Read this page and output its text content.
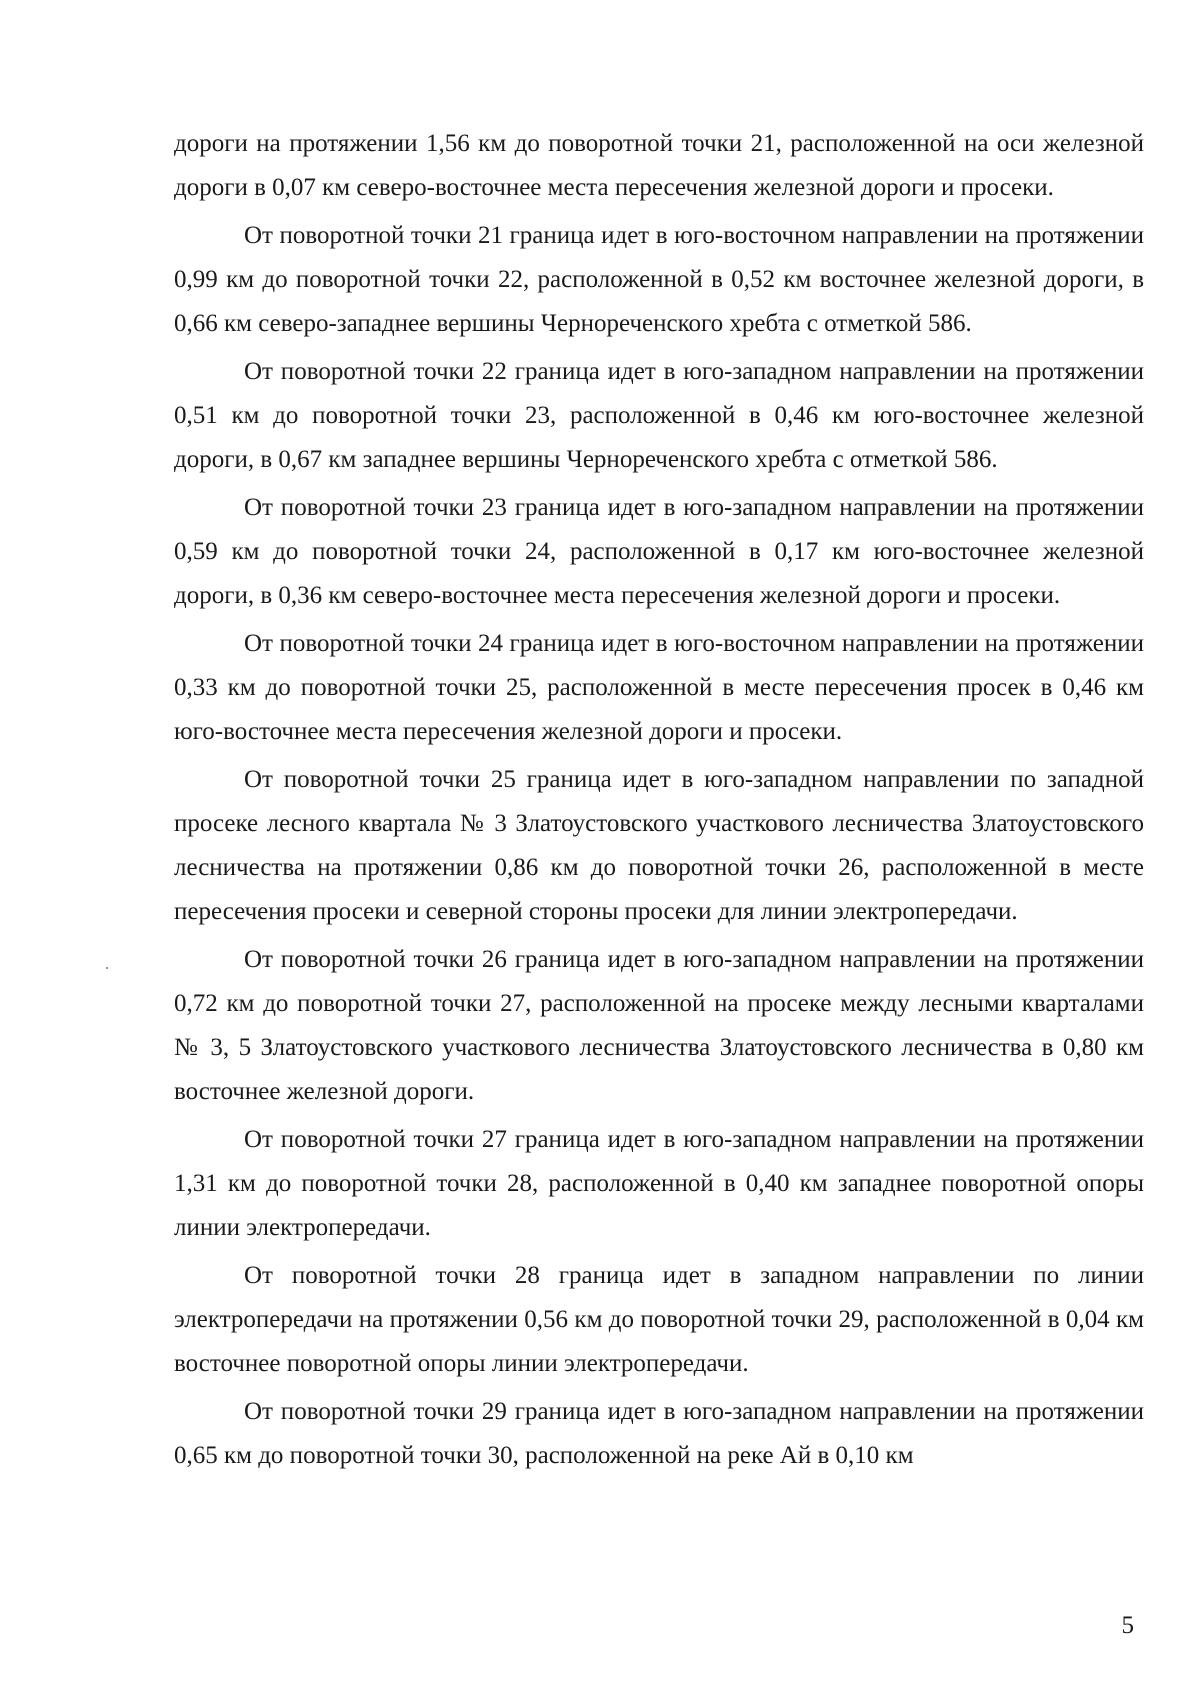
дороги на протяжении 1,56 км до поворотной точки 21, расположенной на оси железной дороги в 0,07 км северо-восточнее места пересечения железной дороги и просеки.

От поворотной точки 21 граница идет в юго-восточном направлении на протяжении 0,99 км до поворотной точки 22, расположенной в 0,52 км восточнее железной дороги, в 0,66 км северо-западнее вершины Чернореченского хребта с отметкой 586.

От поворотной точки 22 граница идет в юго-западном направлении на протяжении 0,51 км до поворотной точки 23, расположенной в 0,46 км юго-восточнее железной дороги, в 0,67 км западнее вершины Чернореченского хребта с отметкой 586.

От поворотной точки 23 граница идет в юго-западном направлении на протяжении 0,59 км до поворотной точки 24, расположенной в 0,17 км юго-восточнее железной дороги, в 0,36 км северо-восточнее места пересечения железной дороги и просеки.

От поворотной точки 24 граница идет в юго-восточном направлении на протяжении 0,33 км до поворотной точки 25, расположенной в месте пересечения просек в 0,46 км юго-восточнее места пересечения железной дороги и просеки.

От поворотной точки 25 граница идет в юго-западном направлении по западной просеке лесного квартала № 3 Златоустовского участкового лесничества Златоустовского лесничества на протяжении 0,86 км до поворотной точки 26, расположенной в месте пересечения просеки и северной стороны просеки для линии электропередачи.

От поворотной точки 26 граница идет в юго-западном направлении на протяжении 0,72 км до поворотной точки 27, расположенной на просеке между лесными кварталами № 3, 5 Златоустовского участкового лесничества Златоустовского лесничества в 0,80 км восточнее железной дороги.

От поворотной точки 27 граница идет в юго-западном направлении на протяжении 1,31 км до поворотной точки 28, расположенной в 0,40 км западнее поворотной опоры линии электропередачи.

От поворотной точки 28 граница идет в западном направлении по линии электропередачи на протяжении 0,56 км до поворотной точки 29, расположенной в 0,04 км восточнее поворотной опоры линии электропередачи.

От поворотной точки 29 граница идет в юго-западном направлении на протяжении 0,65 км до поворотной точки 30, расположенной на реке Ай в 0,10 км

5
